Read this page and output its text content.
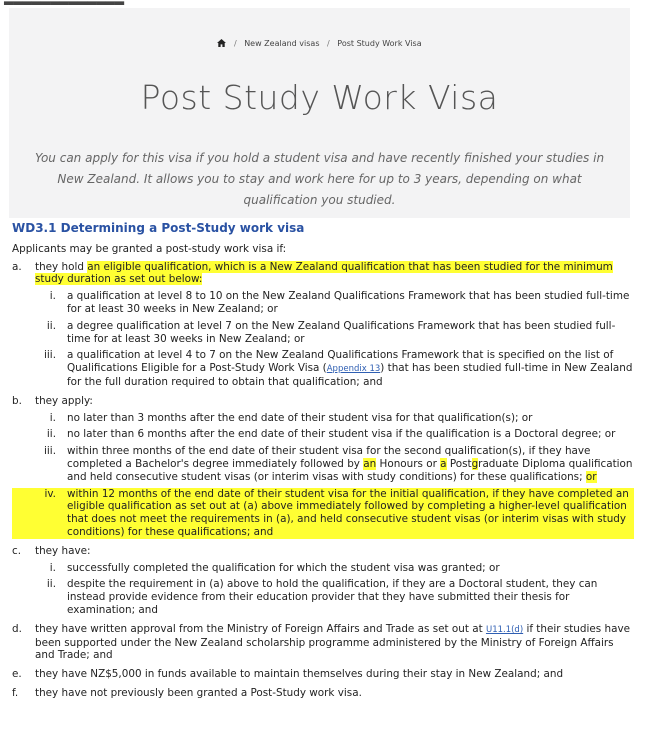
/ New Zealand visas / Post Study Work Visa
Post Study Work Visa

You can apply for this visa if you hold a student visa and have recently finished your studies in New Zealand. It allows you to stay and work here for up to 3 years, depending on what qualification you studied.

WD3.1 Determining a Post-Study work visa
Applicants may be granted a post-study work visa if:
a. they hold an eligible qualification, which is a New Zealand qualification that has been studied for the minimum study duration as set out below:
i. a qualification at level 8 to 10 on the New Zealand Qualifications Framework that has been studied full-time for at least 30 weeks in New Zealand; or
ii. a degree qualification at level 7 on the New Zealand Qualifications Framework that has been studied full-time for at least 30 weeks in New Zealand; or
iii. a qualification at level 4 to 7 on the New Zealand Qualifications Framework that is specified on the list of Qualifications Eligible for a Post-Study Work Visa (Appendix 13) that has been studied full-time in New Zealand for the full duration required to obtain that qualification; and
b. they apply:
i. no later than 3 months after the end date of their student visa for that qualification(s); or
ii. no later than 6 months after the end date of their student visa if the qualification is a Doctoral degree; or
iii. within three months of the end date of their student visa for the second qualification(s), if they have completed a Bachelor's degree immediately followed by an Honours or a Postgraduate Diploma qualification and held consecutive student visas (or interim visas with study conditions) for these qualifications; or
iv. within 12 months of the end date of their student visa for the initial qualification, if they have completed an eligible qualification as set out at (a) above immediately followed by completing a higher-level qualification that does not meet the requirements in (a), and held consecutive student visas (or interim visas with study conditions) for these qualifications; and
c. they have:
i. successfully completed the qualification for which the student visa was granted; or
ii. despite the requirement in (a) above to hold the qualification, if they are a Doctoral student, they can instead provide evidence from their education provider that they have submitted their thesis for examination; and
d. they have written approval from the Ministry of Foreign Affairs and Trade as set out at U11.1(d) if their studies have been supported under the New Zealand scholarship programme administered by the Ministry of Foreign Affairs and Trade; and
e. they have NZ$5,000 in funds available to maintain themselves during their stay in New Zealand; and
f. they have not previously been granted a Post-Study work visa.
